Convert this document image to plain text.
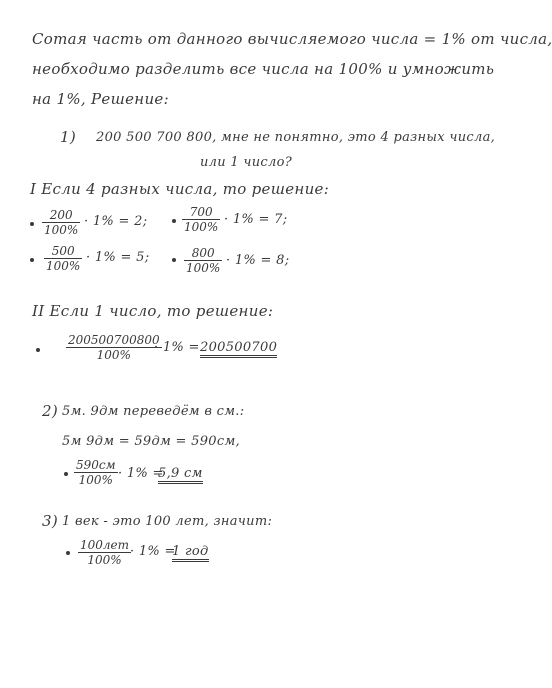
Сотая часть от данного вычисляемого числа = 1% от числа,
необходимо разделить все числа на 100% и умножить
на 1%, Решение:
1) 200 500 700 800, мне не понятно, это 4 разных числа,
или 1 число?
I Если 4 разных числа, то решение:
$\frac{200}{100\%} \cdot 1\% = 2$;	$\frac{700}{100\%} \cdot 1\% = 7$;
$\frac{500}{100\%} \cdot 1\% = 5$;	$\frac{800}{100\%} \cdot 1\% = 8$;
II Если 1 число, то решение:
$\frac{200500700800}{100\%}$
· 1% = 200500700
2) 5м. 9дм переведём в см.:
5м 9дм = 59дм = 590см,
590см
100% · 1% =
5,9 см
3) 1 век - это 100 лет, значит:
100лет
100%
· 1% =
1 год
